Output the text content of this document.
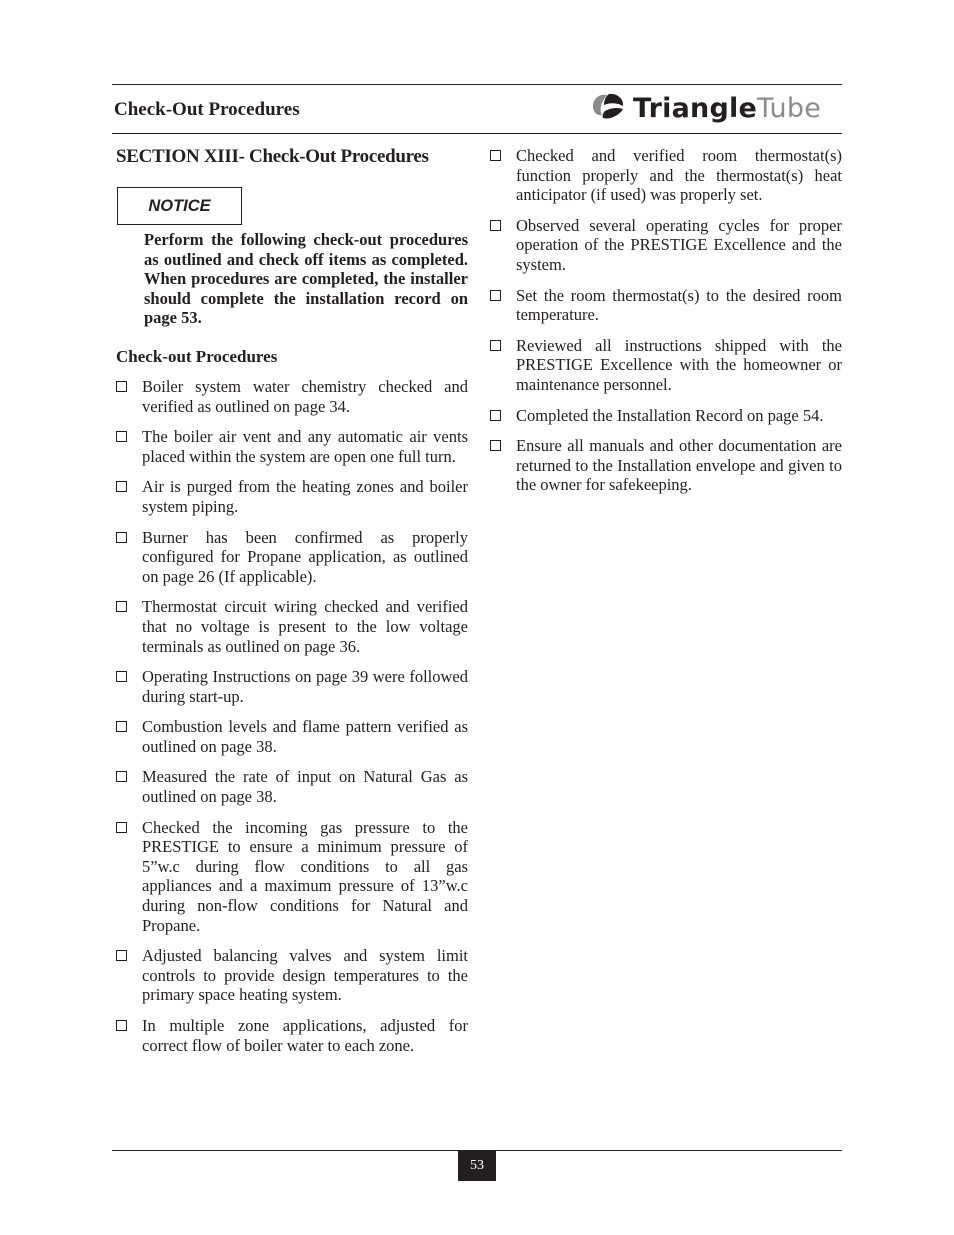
Check-Out Procedures	TriangleTube
SECTION XIII- Check-Out Procedures
NOTICE
Perform the following check-out procedures as outlined and check off items as completed. When procedures are completed, the installer should complete the installation record on page 53.
Check-out Procedures
Boiler system water chemistry checked and verified as outlined on page 34.
The boiler air vent and any automatic air vents placed within the system are open one full turn.
Air is purged from the heating zones and boiler system piping.
Burner has been confirmed as properly configured for Propane application, as outlined on page 26 (If applicable).
Thermostat circuit wiring checked and verified that no voltage is present to the low voltage terminals as outlined on page 36.
Operating Instructions on page 39 were followed during start-up.
Combustion levels and flame pattern verified as outlined on page 38.
Measured the rate of input on Natural Gas as outlined on page 38.
Checked the incoming gas pressure to the PRESTIGE to ensure a minimum pressure of 5”w.c during flow conditions to all gas appliances and a maximum pressure of 13”w.c during non-flow conditions for Natural and Propane.
Adjusted balancing valves and system limit controls to provide design temperatures to the primary space heating system.
In multiple zone applications, adjusted for correct flow of boiler water to each zone.
Checked and verified room thermostat(s) function properly and the thermostat(s) heat anticipator (if used) was properly set.
Observed several operating cycles for proper operation of the PRESTIGE Excellence and the system.
Set the room thermostat(s) to the desired room temperature.
Reviewed all instructions shipped with the PRESTIGE Excellence with the homeowner or maintenance personnel.
Completed the Installation Record on page 54.
Ensure all manuals and other documentation are returned to the Installation envelope and given to the owner for safekeeping.
53
